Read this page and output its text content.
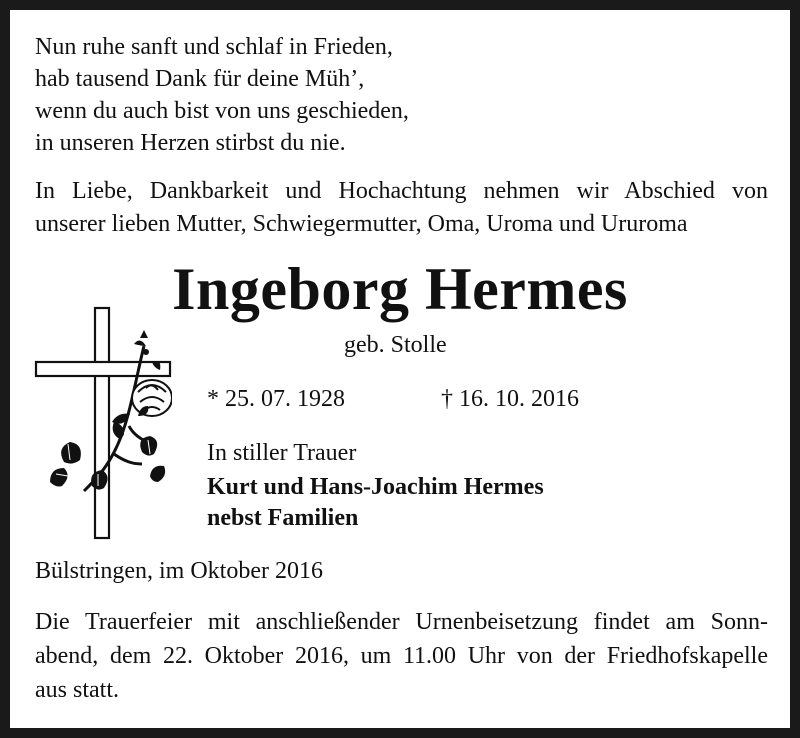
Nun ruhe sanft und schlaf in Frieden,
hab tausend Dank für deine Müh’,
wenn du auch bist von uns geschieden,
in unseren Herzen stirbst du nie.
In Liebe, Dankbarkeit und Hochachtung nehmen wir Abschied von
unserer lieben Mutter, Schwiegermutter, Oma, Uroma und Ururoma
Ingeborg Hermes
geb. Stolle
* 25. 07. 1928	† 16. 10. 2016
In stiller Trauer
Kurt und Hans-Joachim Hermes
nebst Familien
Bülstringen, im Oktober 2016
Die Trauerfeier mit anschließender Urnenbeisetzung findet am Sonn-
abend, dem 22. Oktober 2016, um 11.00 Uhr von der Friedhofskapelle
aus statt.
